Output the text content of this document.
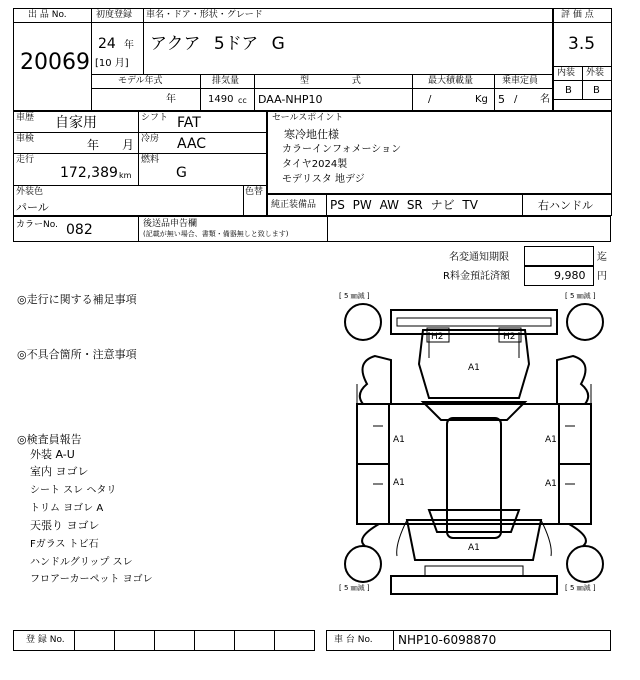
出 品 No.
20069
初度登録 車名・ドア・形状・グレード
24 年
[10 月]
アクア 5ドア G
モデル年式
年
排気量
1490 cc
型 式
DAA-NHP10
最大積載量
/	Kg
乗車定員
5 / 名
評 価 点
3.5
内装 外装
B B
車歴 自家用	シフト FAT
車検	年 月 冷房 AAC
走行
172,389 km
燃料
G
外装色
パール
色替
カラーNo. 082	後送品申告欄
(記載が無い場合、書類・備器無しと致します)
セールスポイント
寒冷地仕様
カラーインフォメーション
タイヤ2024製
モデリスタ 地デジ
純正装備品 PS PW AW SR ナビ TV	右ハンドル
名変通知期限	迄
R料金預託済額	9,980 円
◎走行に関する補足事項
◎不具合箇所・注意事項
◎検査員報告
外装 A-U
室内 ヨゴレ
シート スレ ヘタリ
トリム ヨゴレ A
天張り ヨゴレ
Fガラス トビ石
ハンドルグリップ スレ
フロアーカーペット ヨゴレ
[ 5 ㎜減 ]	[ 5 ㎜減 ]
[ 5 ㎜減 ]	[ 5 ㎜減 ]
H2	H2
A1
A1	A1
A1	A1
A1
登 録 No.	車 台 No. NHP10-6098870
